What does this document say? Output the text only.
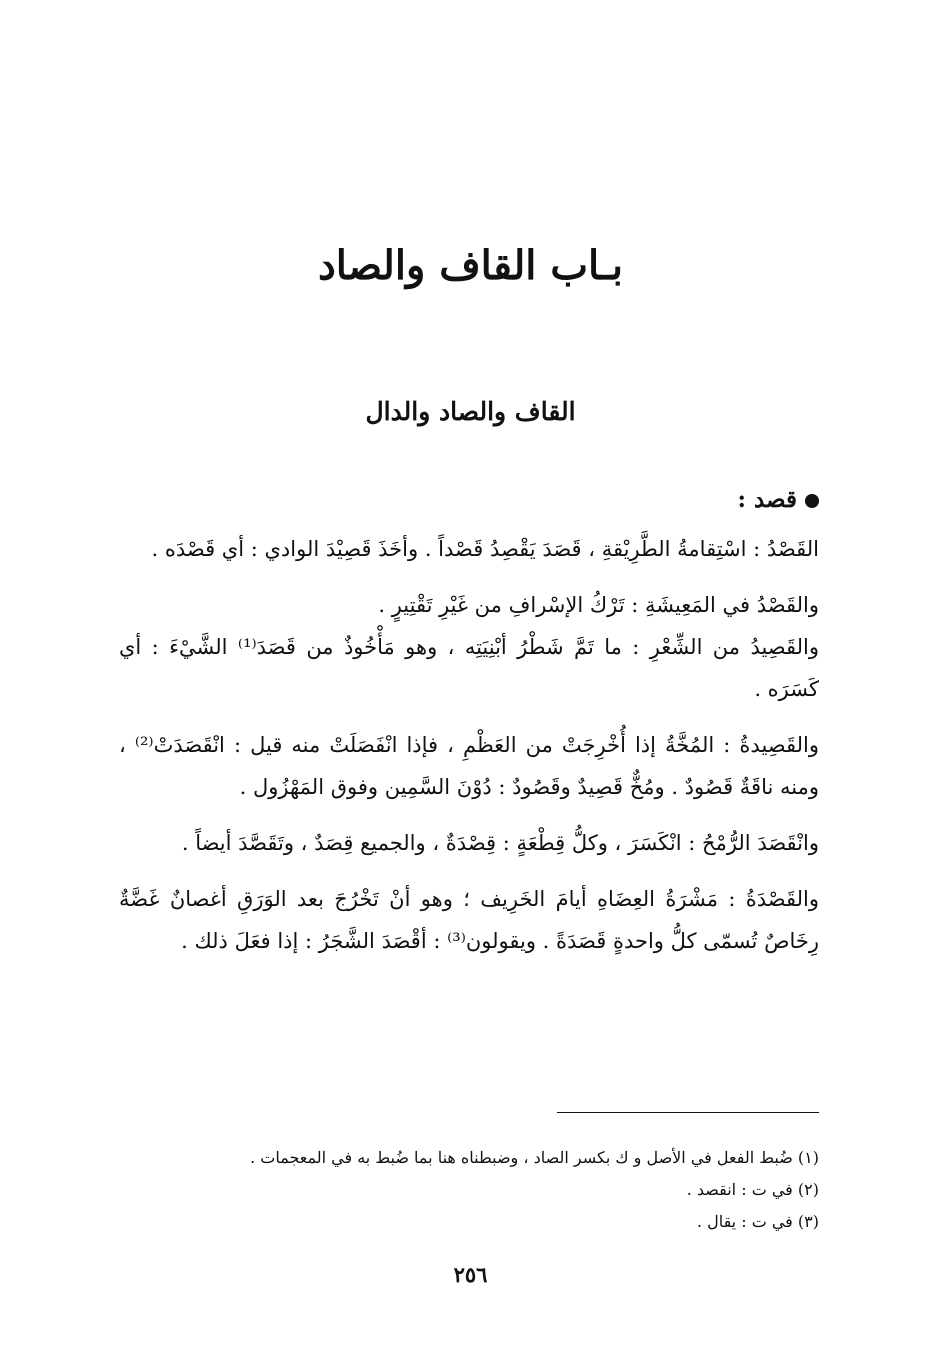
بـاب القاف والصاد
القاف والصاد والدال
قصد :

القَصْدُ : اسْتِقامةُ الطَّرِيْقةِ ، قَصَدَ يَقْصِدُ قَصْداً . وأخَذَ قَصِيْدَ الوادي : أي قَصْدَه .

والقَصْدُ في المَعِيشَةِ : تَرْكُ الإسْرافِ من غَيْرِ تَقْتِيرٍ .

والقَصِيدُ من الشِّعْرِ : ما تَمَّ شَطْرُ أبْنِيَتِه ، وهو مَأْخُوذٌ من قَصَدَ⁽¹⁾ الشَّيْءَ : أي كَسَرَه .

والقَصِيدةُ : المُخَّةُ إذا أُخْرِجَتْ من العَظْمِ ، فإذا انْفَصَلَتْ منه قيل : انْقَصَدَتْ⁽²⁾ ، ومنه ناقَةٌ قَصُودٌ . ومُخٌّ قَصِيدٌ وقَصُودٌ : دُوْنَ السَّمِين وفوق المَهْزُول .

وانْقَصَدَ الرُّمْحُ : انْكَسَرَ ، وكلُّ قِطْعَةٍ : قِصْدَةٌ ، والجميع قِصَدٌ ، وتَقَصَّدَ أيضاً .

والقَصْدَةُ : مَشْرَةُ العِضَاهِ أيامَ الخَرِيف ؛ وهو أنْ تَخْرُجَ بعد الوَرَقِ أغصانٌ غَضَّةٌ رِخَاصٌ تُسمّى كلُّ واحدةٍ قَصَدَةً . ويقولون⁽³⁾ : أقْصَدَ الشَّجَرُ : إذا فعَلَ ذلك .

(١) ضُبط الفعل في الأصل و ك بكسر الصاد ، وضبطناه هنا بما ضُبط به في المعجمات .
(٢) في ت : انقصد .
(٣) في ت : يقال .
٢٥٦
